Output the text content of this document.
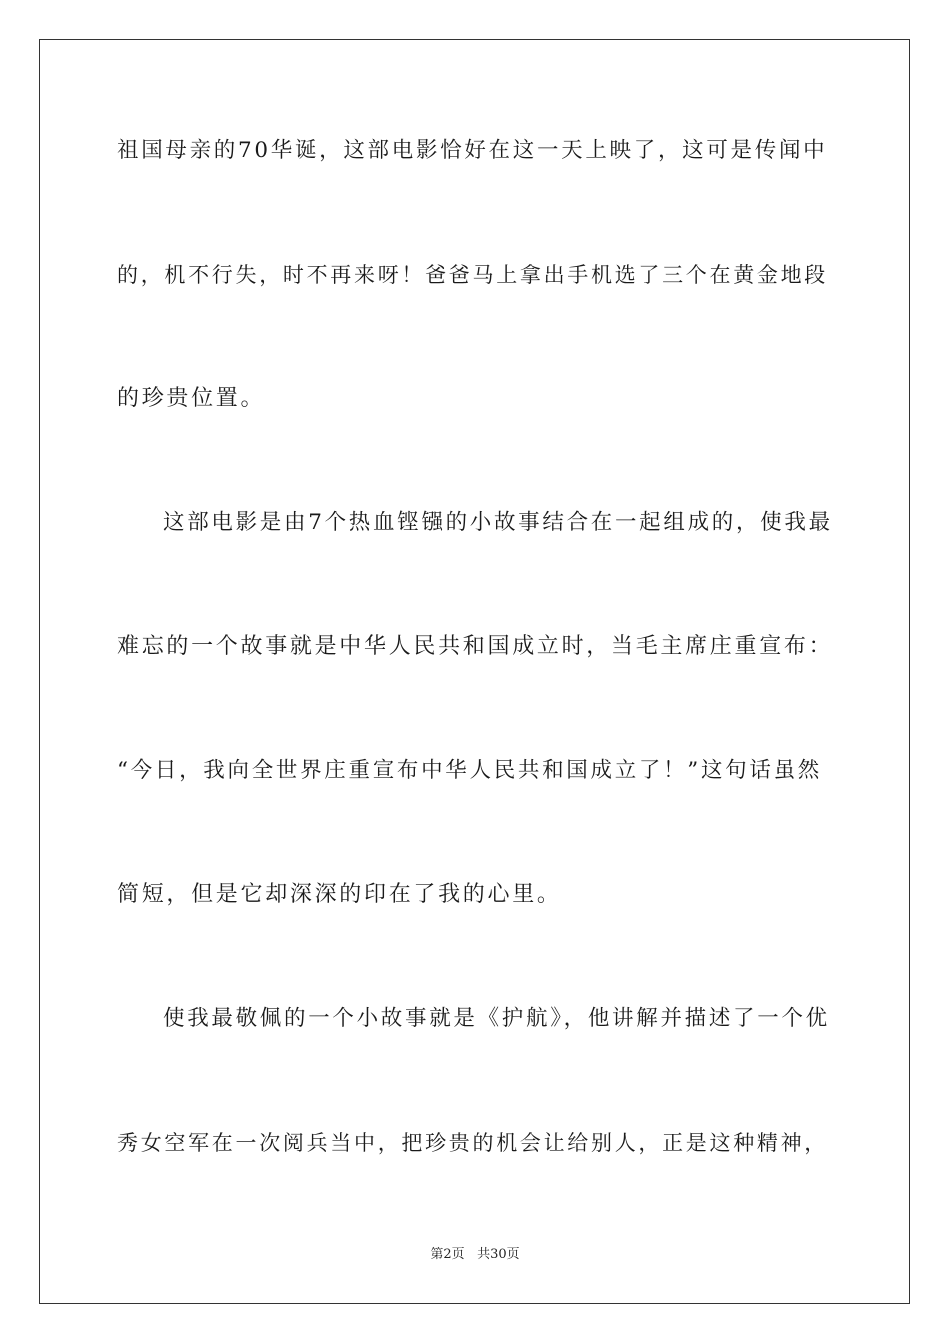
祖国母亲的70华诞，这部电影恰好在这一天上映了，这可是传闻中
的，机不行失，时不再来呀！爸爸马上拿出手机选了三个在黄金地段
的珍贵位置。
这部电影是由7个热血铿镪的小故事结合在一起组成的，使我最
难忘的一个故事就是中华人民共和国成立时，当毛主席庄重宣布：
“今日，我向全世界庄重宣布中华人民共和国成立了！”这句话虽然
简短，但是它却深深的印在了我的心里。
使我最敬佩的一个小故事就是《护航》，他讲解并描述了一个优
秀女空军在一次阅兵当中，把珍贵的机会让给别人，正是这种精神，
第2页 共30页
